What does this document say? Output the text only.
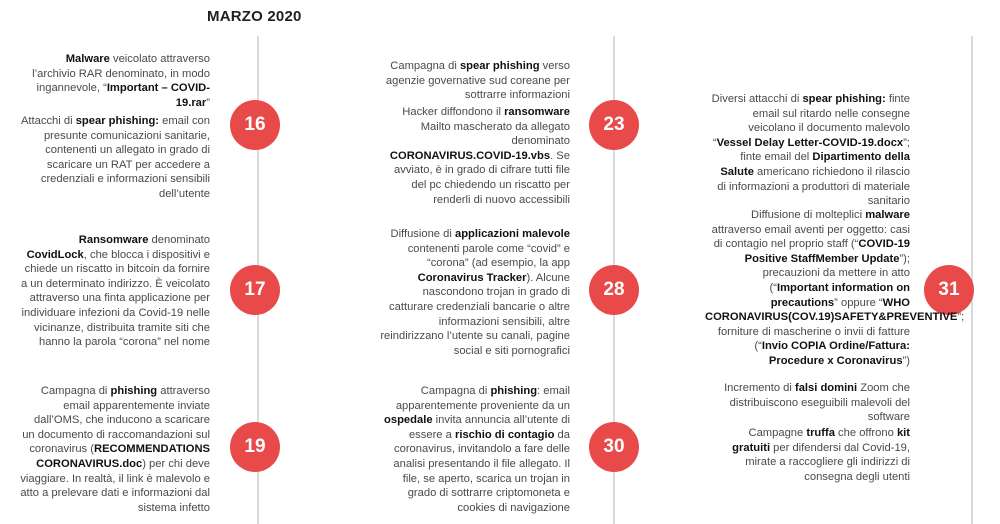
MARZO 2020
16
17
19
23
28
30
31
Malware veicolato attraverso l’archivio RAR denominato, in modo ingannevole, “Important – COVID-19.rar”
Attacchi di spear phishing: email con presunte comunicazioni sanitarie, contenenti un allegato in grado di scaricare un RAT per accedere a credenziali e informazioni sensibili dell’utente
Ransomware denominato CovidLock, che blocca i dispositivi e chiede un riscatto in bitcoin da fornire a un determinato indirizzo. È veicolato attraverso una finta applicazione per individuare infezioni da Covid-19 nelle vicinanze, distribuita tramite siti che hanno la parola “corona” nel nome
Campagna di phishing attraverso email apparentemente inviate dall’OMS, che inducono a scaricare un documento di raccomandazioni sul coronavirus (RECOMMENDATIONS CORONAVIRUS.doc) per chi deve viaggiare. In realtà, il link è malevolo e atto a prelevare dati e informazioni dal sistema infetto
Campagna di spear phishing verso agenzie governative sud coreane per sottrarre informazioni
Hacker diffondono il ransomware Mailto mascherato da allegato denominato CORONAVIRUS.COVID-19.vbs. Se avviato, è in grado di cifrare tutti file del pc chiedendo un riscatto per renderli di nuovo accessibili
Diffusione di applicazioni malevole contenenti parole come “covid” e “corona” (ad esempio, la app Coronavirus Tracker). Alcune nascondono trojan in grado di catturare credenziali bancarie o altre informazioni sensibili, altre reindirizzano l’utente su canali, pagine social e siti pornografici
Campagna di phishing: email apparentemente proveniente da un ospedale invita annuncia all’utente di essere a rischio di contagio da coronavirus, invitandolo a fare delle analisi presentando il file allegato. Il file, se aperto, scarica un trojan in grado di sottrarre criptomoneta e cookies di navigazione
Diversi attacchi di spear phishing: finte email sul ritardo nelle consegne veicolano il documento malevolo “Vessel Delay Letter-COVID-19.docx”; finte email del Dipartimento della Salute americano richiedono il rilascio di informazioni a produttori di materiale sanitario
Diffusione di molteplici malware attraverso email aventi per oggetto: casi di contagio nel proprio staff (“COVID-19 Positive StaffMember Update”); precauzioni da mettere in atto (“Important information on precautions” oppure “WHO CORONAVIRUS(COV.19)SAFETY&PREVENTIVE”; forniture di mascherine o invii di fatture (“Invio COPIA Ordine/Fattura: Procedure x Coronavirus”)
Incremento di falsi domini Zoom che distribuiscono eseguibili malevoli del software
Campagne truffa che offrono kit gratuiti per difendersi dal Covid-19, mirate a raccogliere gli indirizzi di consegna degli utenti
